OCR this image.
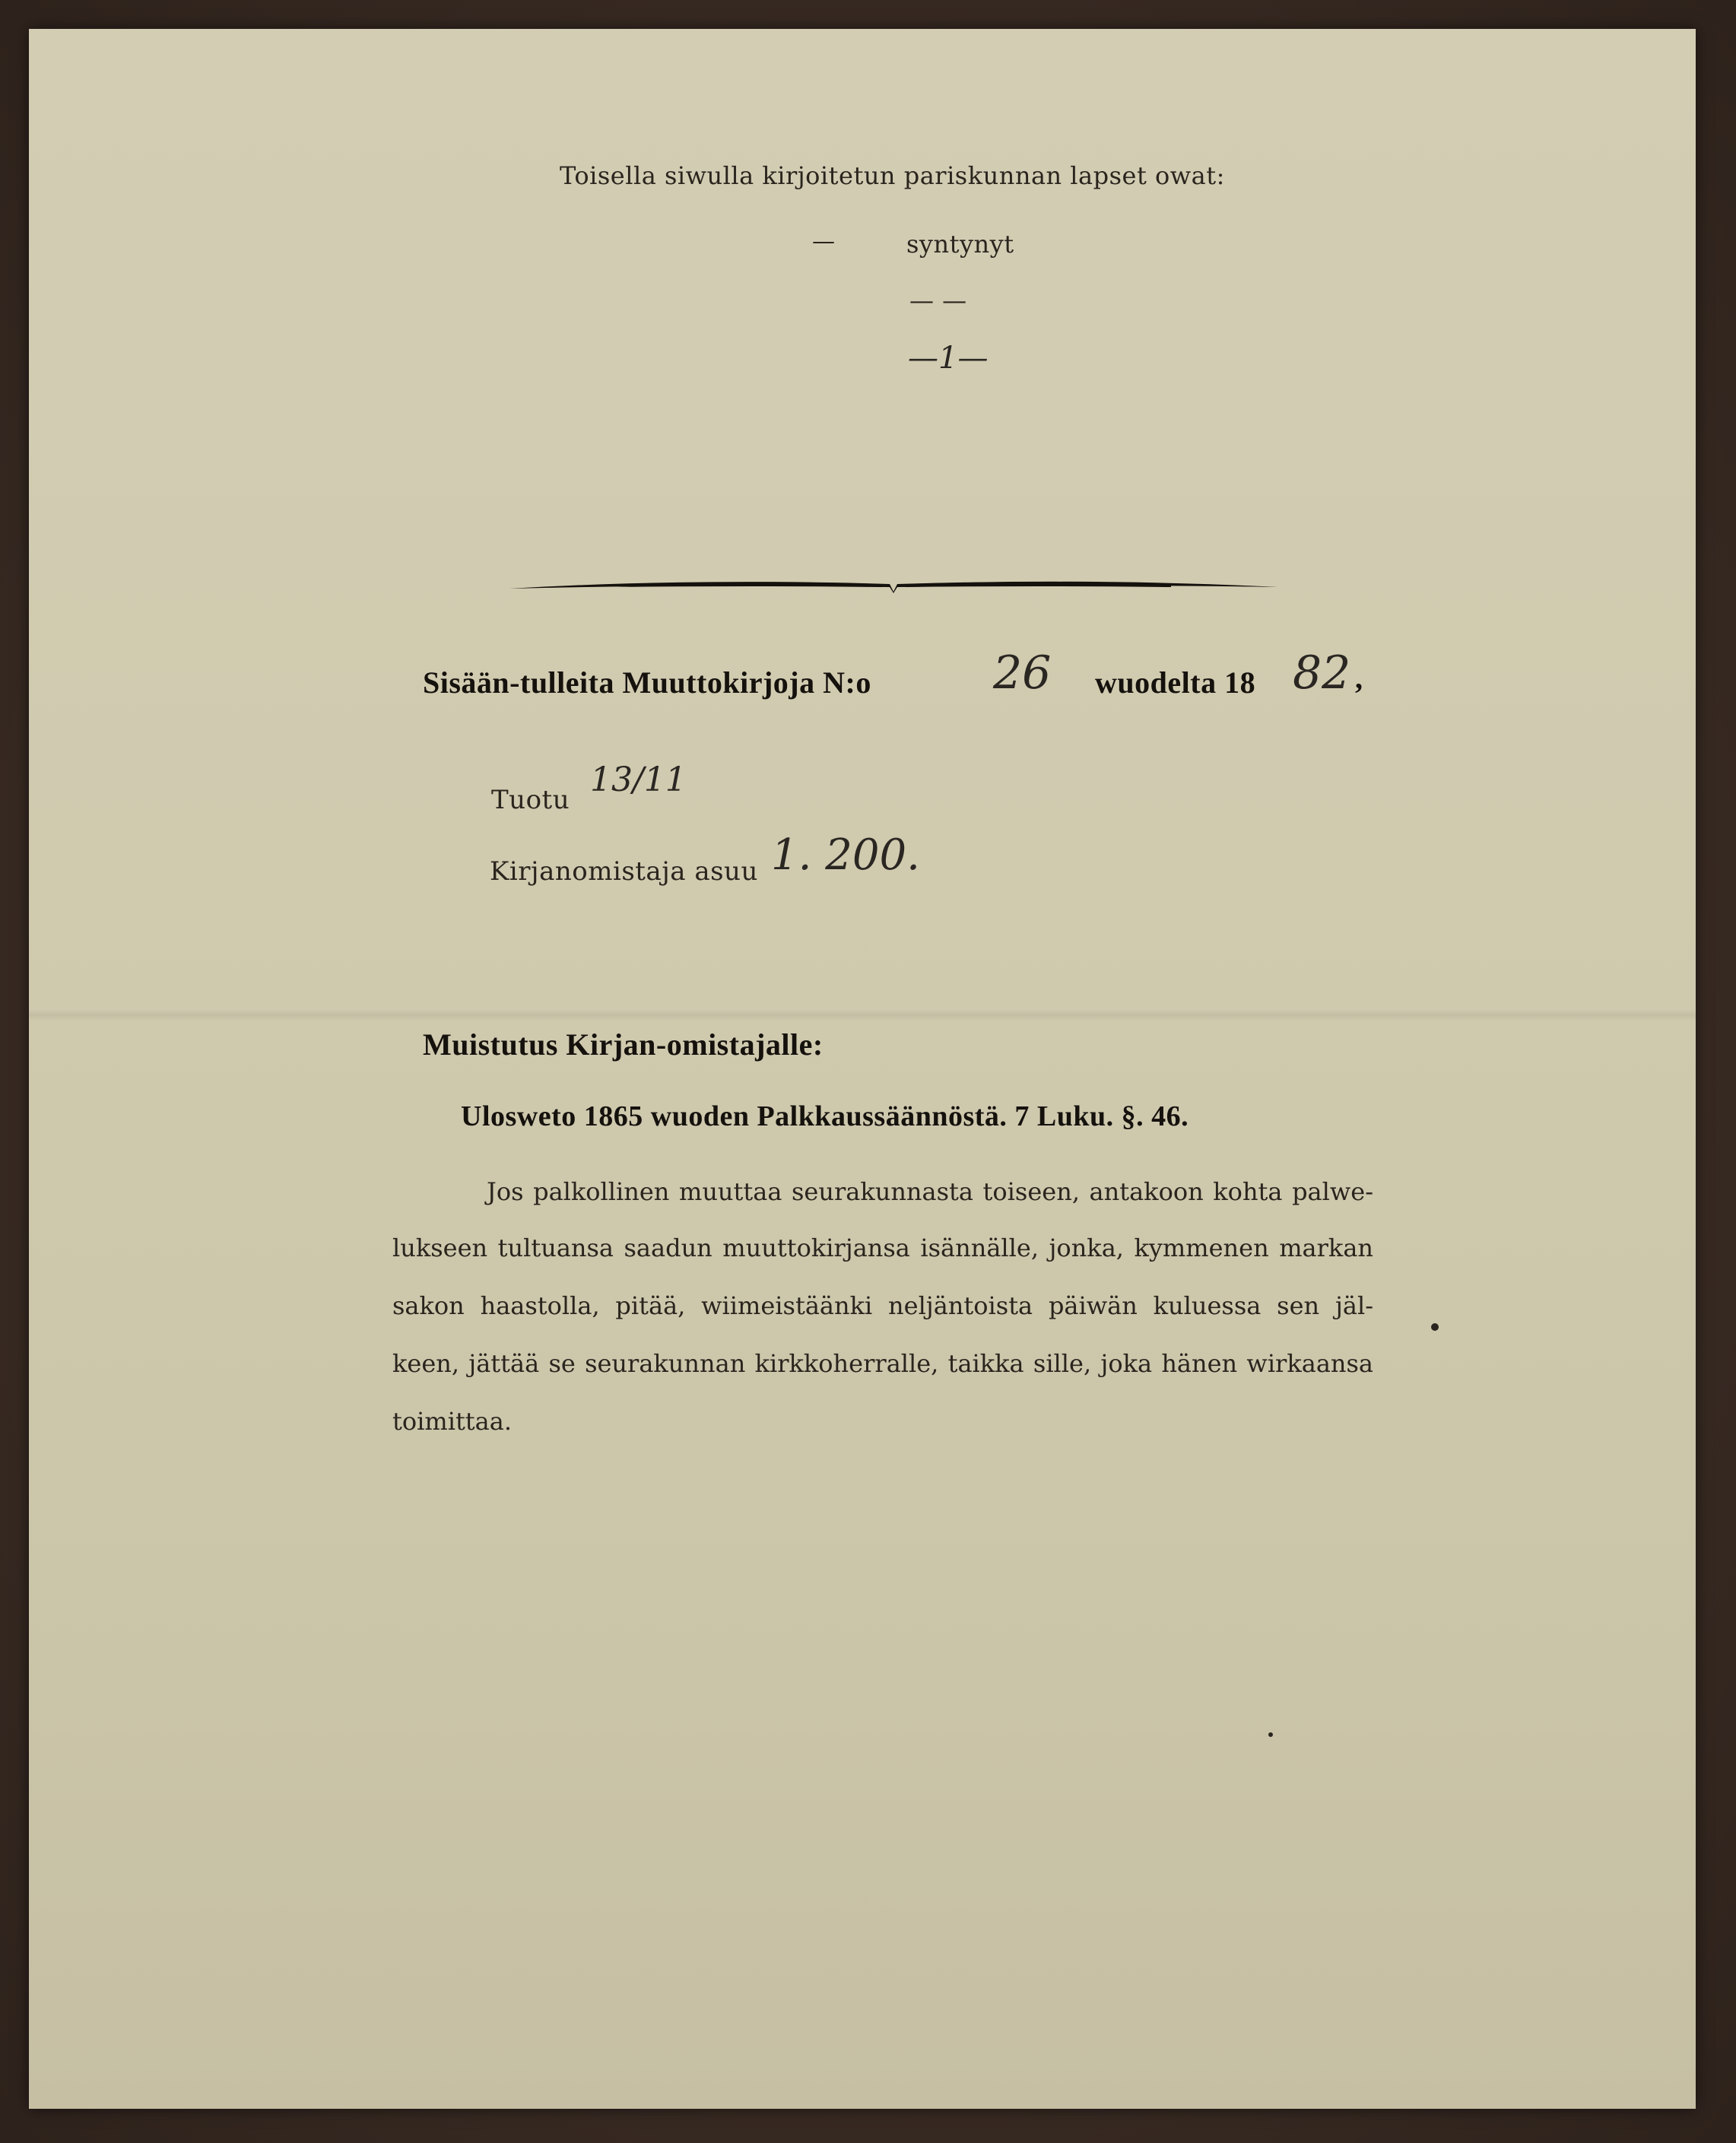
Toisella siwulla kirjoitetun pariskunnan lapset owat:
—	syntynyt
— —
—1—
Sisään-tulleita Muuttokirjoja N:o	26 wuodelta 18 82 ,
Tuotu
13/11
Kirjanomistaja asuu 1. 200.
Muistutus Kirjan-omistajalle:
Ulosweto 1865 wuoden Palkkaussäännöstä. 7 Luku. §. 46.
Jos palkollinen muuttaa seurakunnasta toiseen, antakoon kohta palwe-
lukseen tultuansa saadun muuttokirjansa isännälle, jonka, kymmenen markan
sakon haastolla, pitää, wiimeistäänki neljäntoista päiwän kuluessa sen jäl-
keen, jättää se seurakunnan kirkkoherralle, taikka sille, joka hänen wirkaansa
toimittaa.
